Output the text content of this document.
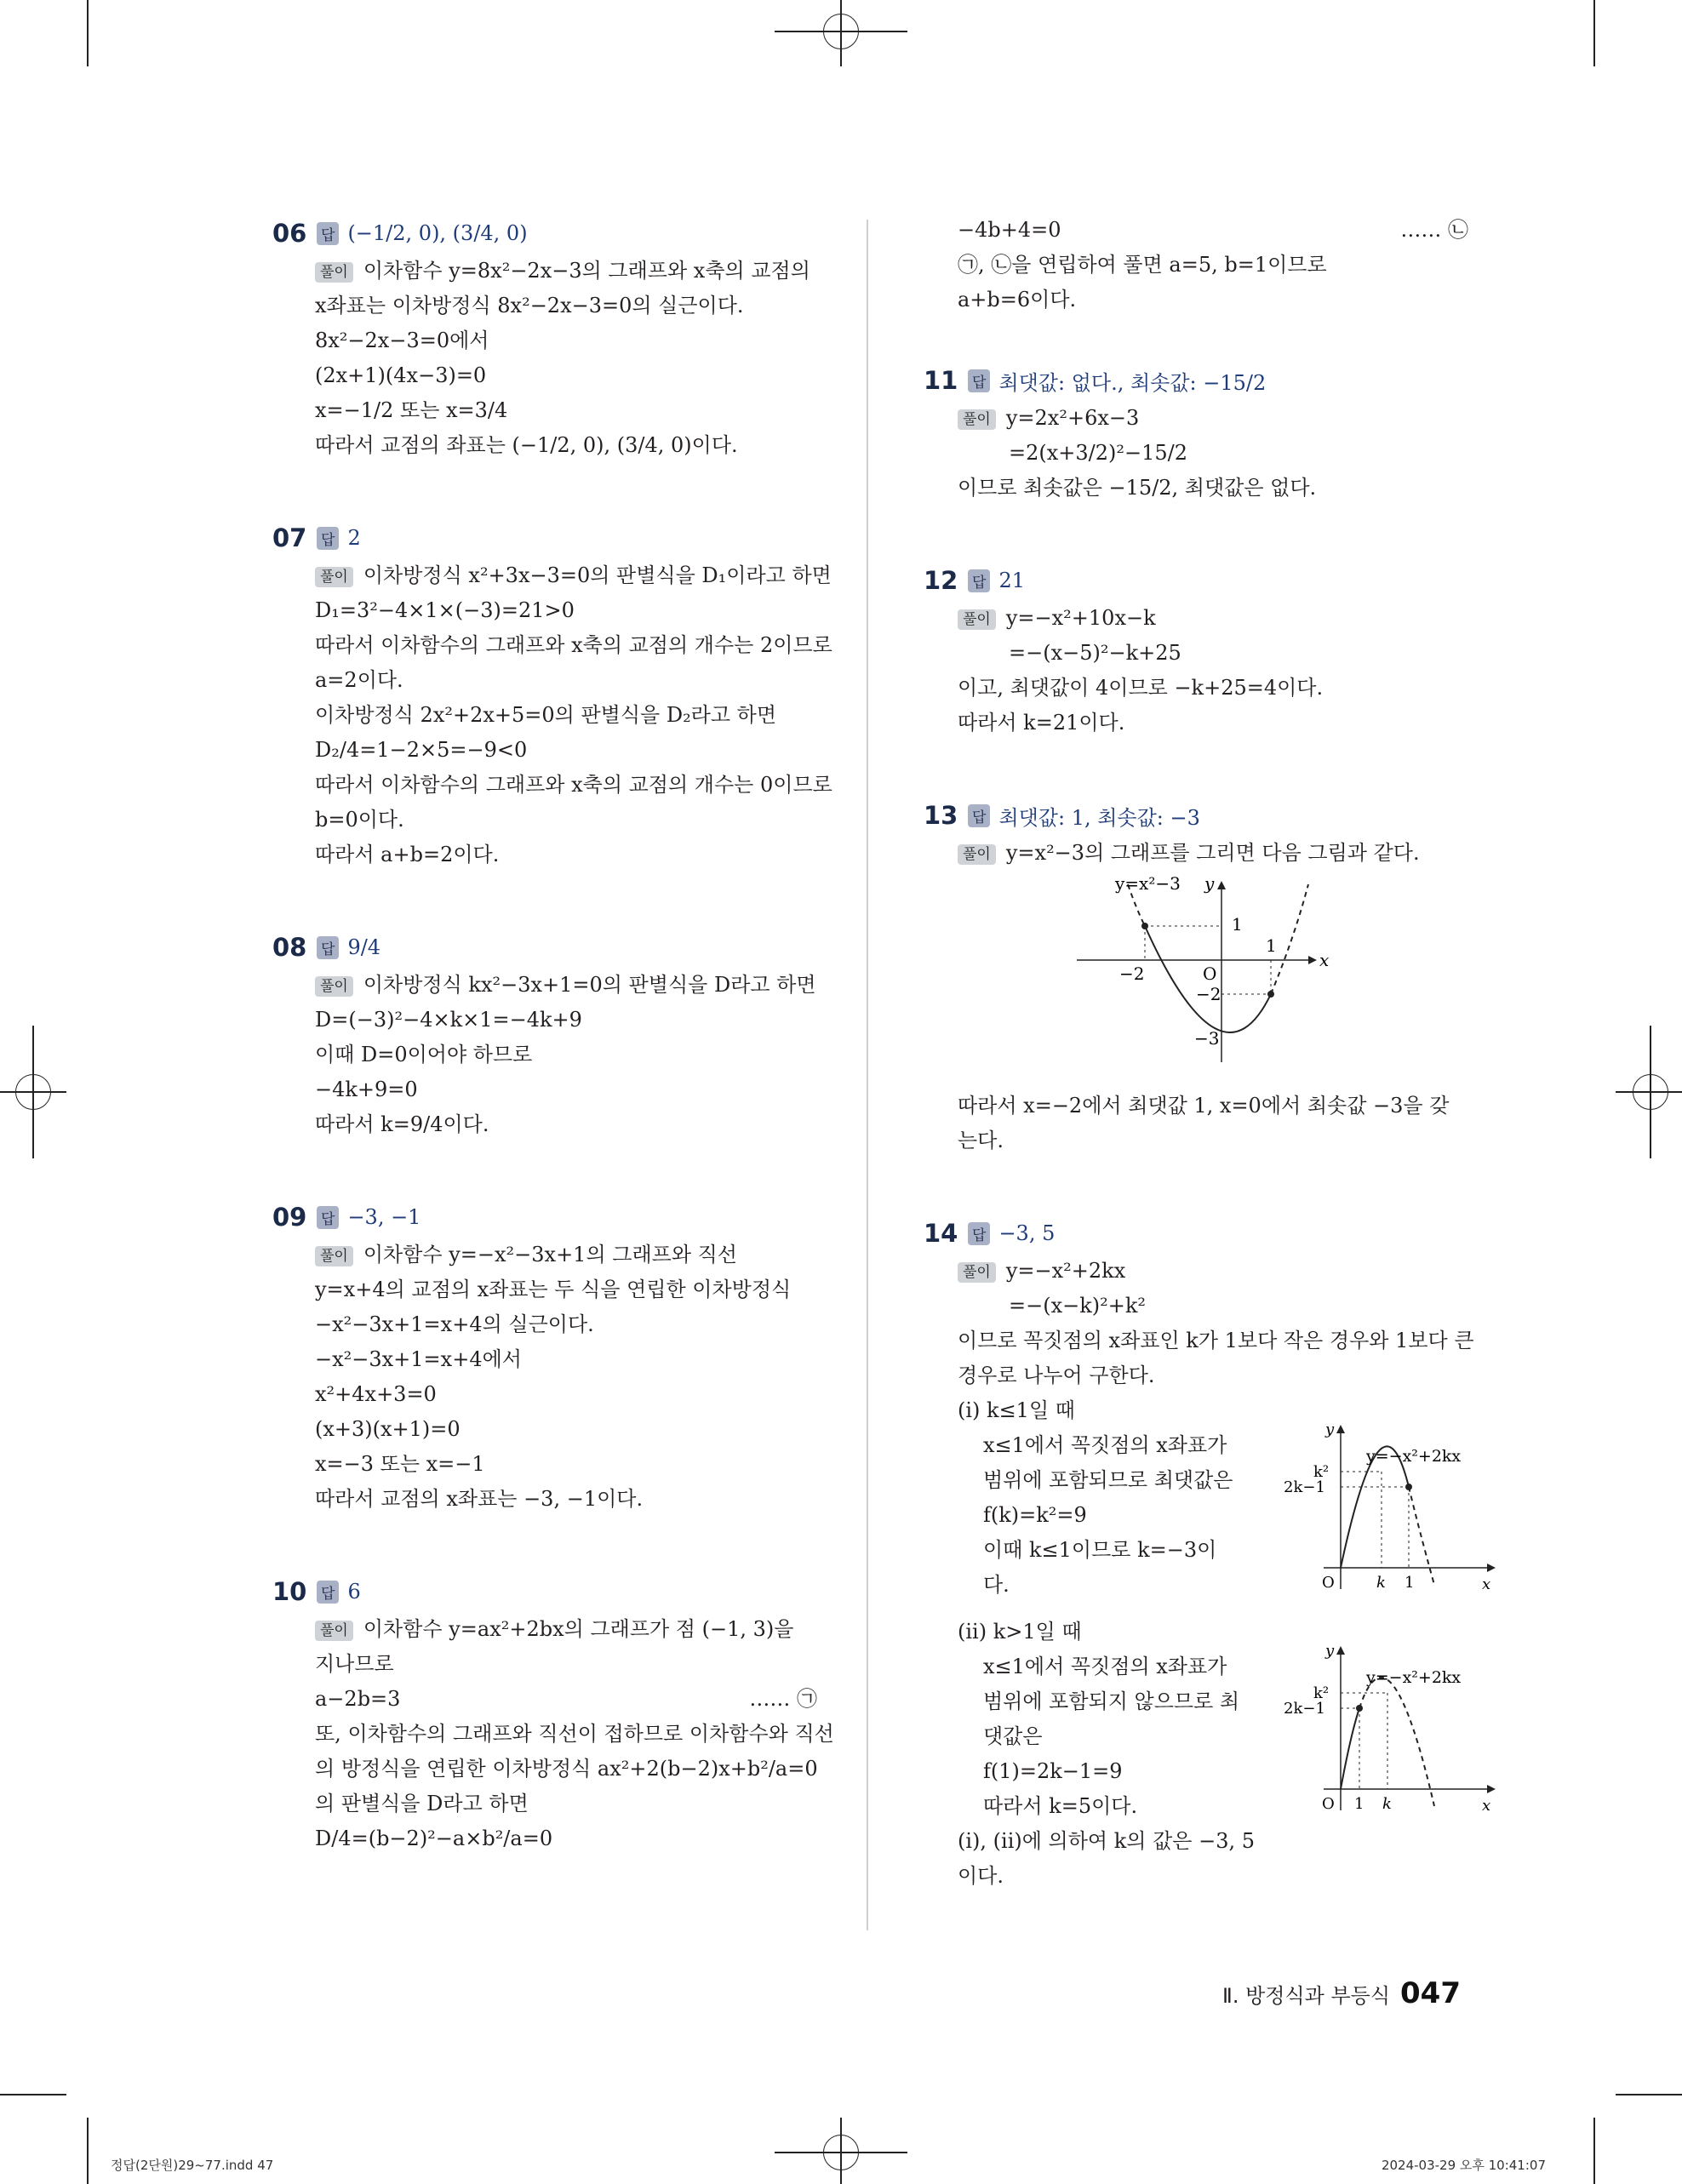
06 답 (−1/2, 0), (3/4, 0)
풀이 이차함수 y=8x²−2x−3의 그래프와 x축의 교점의
x좌표는 이차방정식 8x²−2x−3=0의 실근이다.
8x²−2x−3=0에서
(2x+1)(4x−3)=0
x=−1/2 또는 x=3/4
따라서 교점의 좌표는 (−1/2, 0), (3/4, 0)이다.
07 답 2
풀이 이차방정식 x²+3x−3=0의 판별식을 D₁이라고 하면
D₁=3²−4×1×(−3)=21>0
따라서 이차함수의 그래프와 x축의 교점의 개수는 2이므로
a=2이다.
이차방정식 2x²+2x+5=0의 판별식을 D₂라고 하면
D₂/4=1−2×5=−9<0
따라서 이차함수의 그래프와 x축의 교점의 개수는 0이므로
b=0이다.
따라서 a+b=2이다.
08 답 9/4
풀이 이차방정식 kx²−3x+1=0의 판별식을 D라고 하면
D=(−3)²−4×k×1=−4k+9
이때 D=0이어야 하므로
−4k+9=0
따라서 k=9/4이다.
09 답 −3, −1
풀이 이차함수 y=−x²−3x+1의 그래프와 직선
y=x+4의 교점의 x좌표는 두 식을 연립한 이차방정식
−x²−3x+1=x+4의 실근이다.
−x²−3x+1=x+4에서
x²+4x+3=0
(x+3)(x+1)=0
x=−3 또는 x=−1
따라서 교점의 x좌표는 −3, −1이다.
10 답 6
풀이 이차함수 y=ax²+2bx의 그래프가 점 (−1, 3)을
지나므로
a−2b=3	…… ㉠
또, 이차함수의 그래프와 직선이 접하므로 이차함수와 직선
의 방정식을 연립한 이차방정식 ax²+2(b−2)x+b²/a=0
의 판별식을 D라고 하면
D/4=(b−2)²−a×b²/a=0
−4b+4=0	…… ㉡
㉠, ㉡을 연립하여 풀면 a=5, b=1이므로
a+b=6이다.
11 답 최댓값: 없다., 최솟값: −15/2
풀이 y=2x²+6x−3
=2(x+3/2)²−15/2
이므로 최솟값은 −15/2, 최댓값은 없다.
12 답 21
풀이 y=−x²+10x−k
=−(x−5)²−k+25
이고, 최댓값이 4이므로 −k+25=4이다.
따라서 k=21이다.
13 답 최댓값: 1, 최솟값: −3
풀이 y=x²−3의 그래프를 그리면 다음 그림과 같다.
y=x²−3 y
x
O
1
1
−2
−2
−3
따라서 x=−2에서 최댓값 1, x=0에서 최솟값 −3을 갖
는다.
14 답 −3, 5
풀이 y=−x²+2kx
=−(x−k)²+k²
이므로 꼭짓점의 x좌표인 k가 1보다 작은 경우와 1보다 큰
경우로 나누어 구한다.
(i) k≤1일 때
x≤1에서 꼭짓점의 x좌표가
범위에 포함되므로 최댓값은
f(k)=k²=9
이때 k≤1이므로 k=−3이
다.
y=−x²+2kx
k²
2k−1
O	k 1	x
y
(ii) k>1일 때
x≤1에서 꼭짓점의 x좌표가
범위에 포함되지 않으므로 최
댓값은
f(1)=2k−1=9
따라서 k=5이다.
y=−x²+2kx
k²
2k−1
O 1 k	x
y
(i), (ii)에 의하여 k의 값은 −3, 5
이다.
Ⅱ. 방정식과 부등식 047
정답(2단원)29~77.indd 47	2024-03-29 오후 10:41:07
